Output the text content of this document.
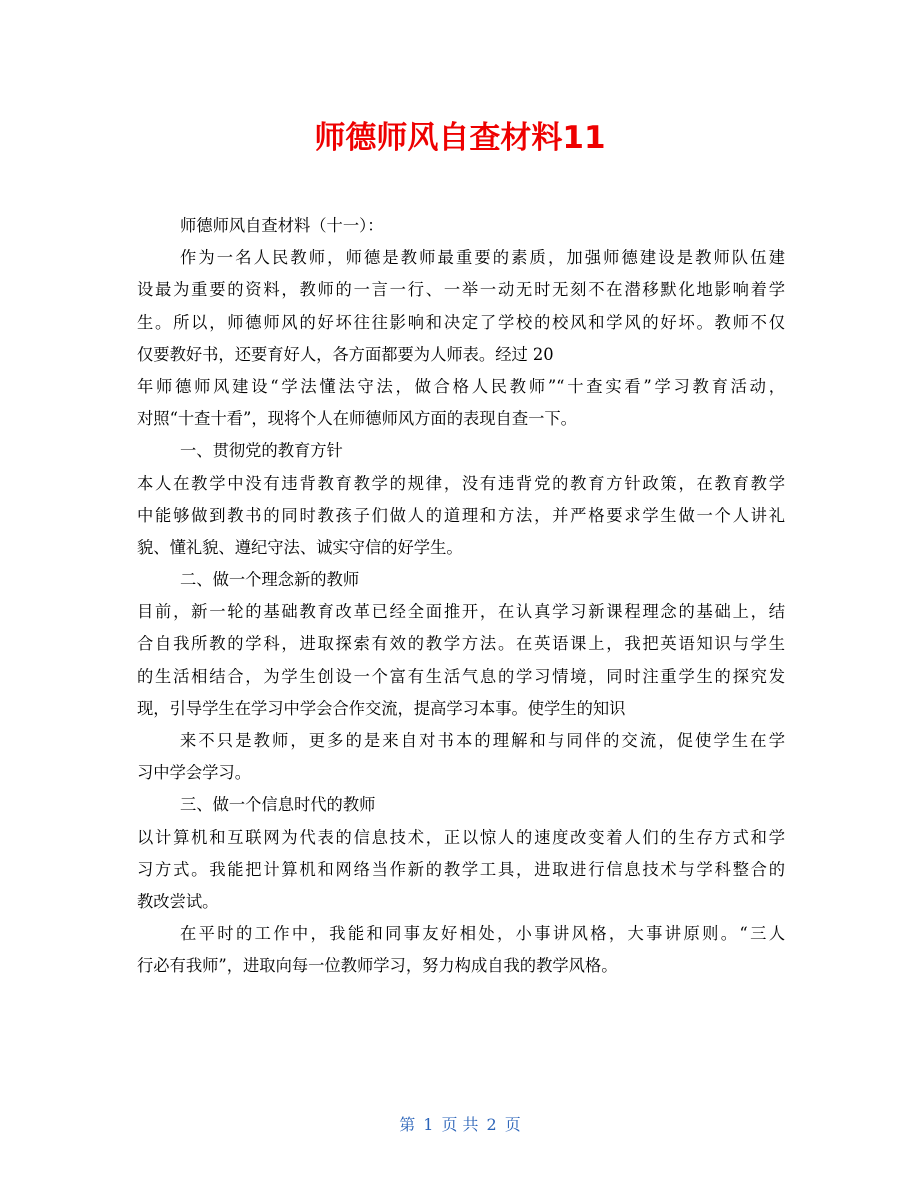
师德师风自查材料11
师德师风自查材料（十一）：
作为一名人民教师，师德是教师最重要的素质，加强师德建设是教师队伍建
设最为重要的资料，教师的一言一行、一举一动无时无刻不在潜移默化地影响着学
生。所以，师德师风的好坏往往影响和决定了学校的校风和学风的好坏。教师不仅
仅要教好书，还要育好人，各方面都要为人师表。经过 20
年师德师风建设“学法懂法守法，做合格人民教师”“十查实看”学习教育活动，
对照“十查十看”，现将个人在师德师风方面的表现自查一下。
一、贯彻党的教育方针
本人在教学中没有违背教育教学的规律，没有违背党的教育方针政策，在教育教学
中能够做到教书的同时教孩子们做人的道理和方法，并严格要求学生做一个人讲礼
貌、懂礼貌、遵纪守法、诚实守信的好学生。
二、做一个理念新的教师
目前，新一轮的基础教育改革已经全面推开，在认真学习新课程理念的基础上，结
合自我所教的学科，进取探索有效的教学方法。在英语课上，我把英语知识与学生
的生活相结合，为学生创设一个富有生活气息的学习情境，同时注重学生的探究发
现，引导学生在学习中学会合作交流，提高学习本事。使学生的知识
来不只是教师，更多的是来自对书本的理解和与同伴的交流，促使学生在学
习中学会学习。
三、做一个信息时代的教师
以计算机和互联网为代表的信息技术，正以惊人的速度改变着人们的生存方式和学
习方式。我能把计算机和网络当作新的教学工具，进取进行信息技术与学科整合的
教改尝试。
在平时的工作中，我能和同事友好相处，小事讲风格，大事讲原则。“三人
行必有我师”，进取向每一位教师学习，努力构成自我的教学风格。
第 1 页 共 2 页
